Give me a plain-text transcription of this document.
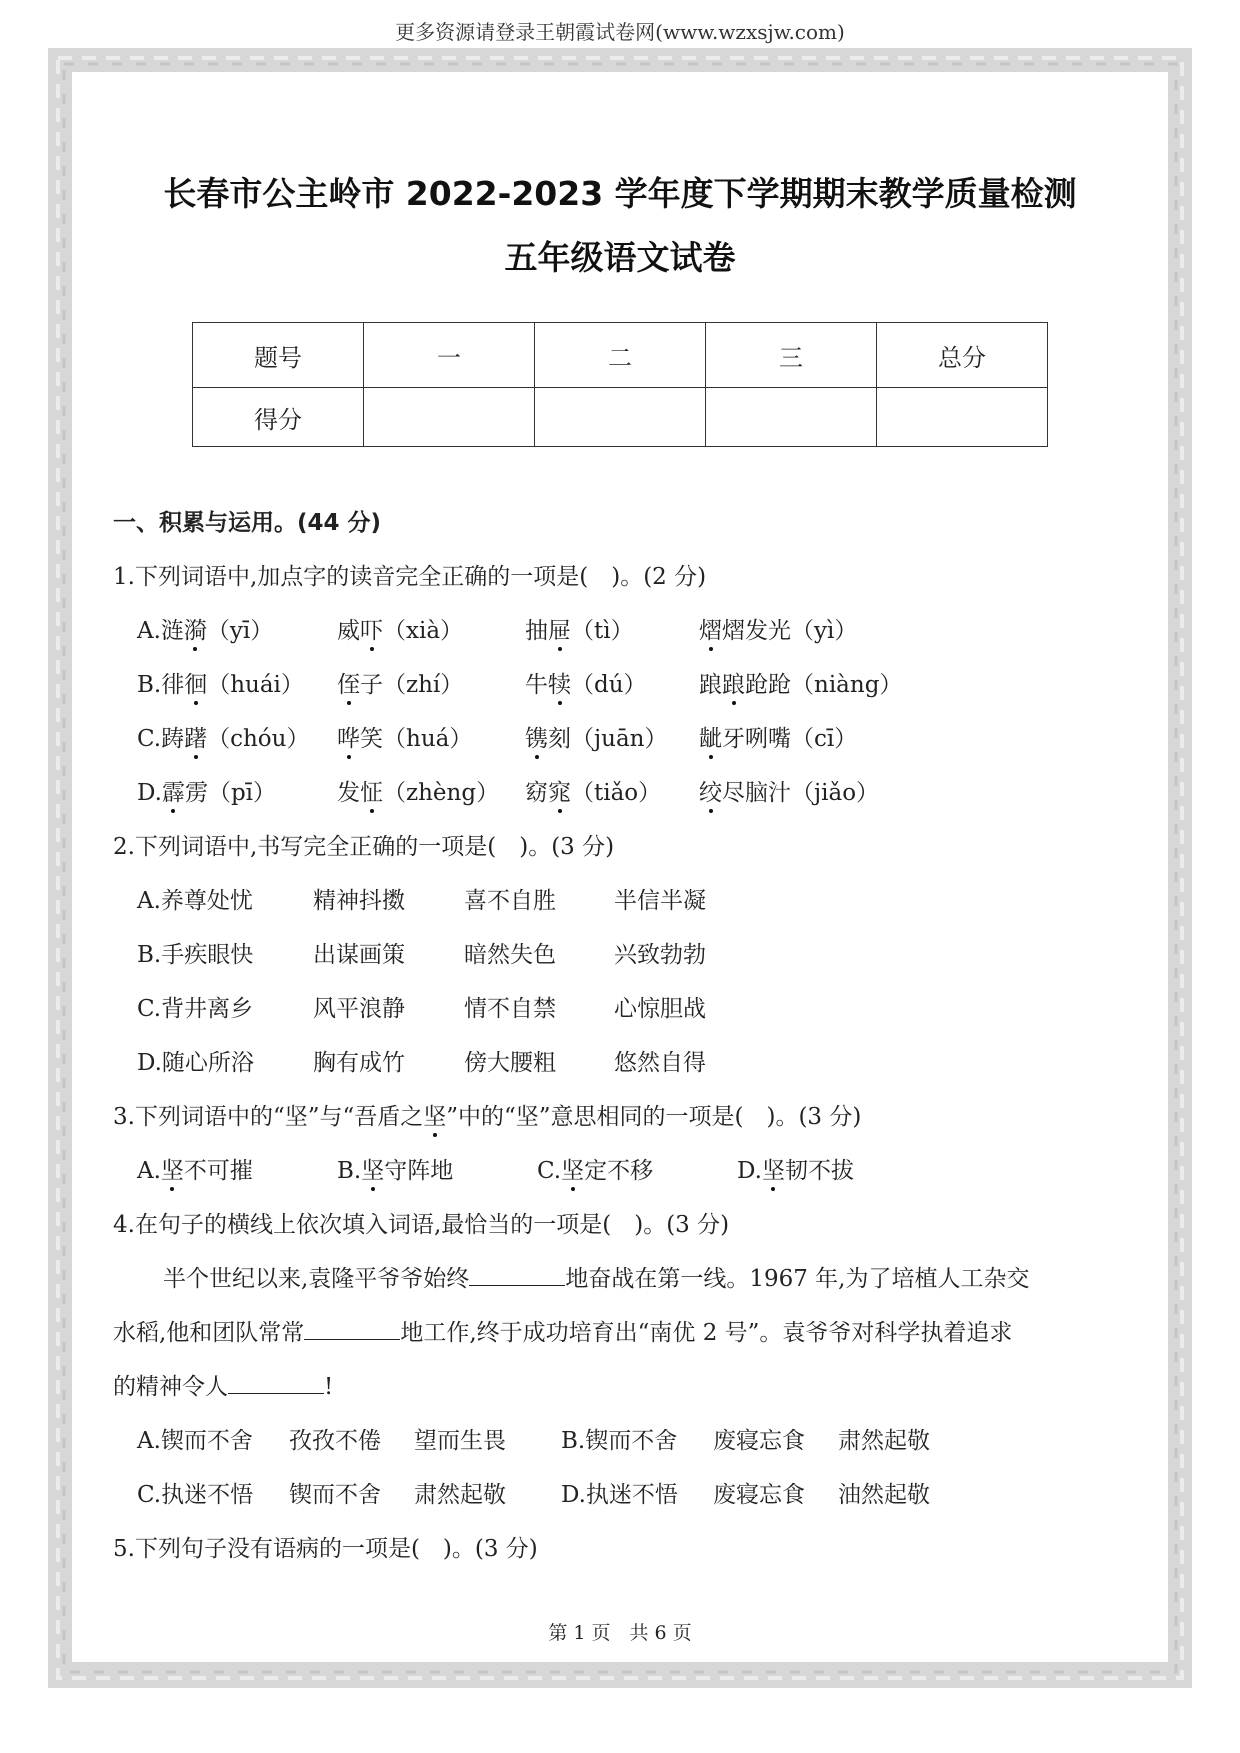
更多资源请登录王朝霞试卷网(www.wzxsjw.com)
长春市公主岭市 2022-2023 学年度下学期期末教学质量检测
五年级语文试卷
题号	一	二	三	总分
得分				
一、积累与运用。(44 分)
1.下列词语中,加点字的读音完全正确的一项是(　)。(2 分)
A.涟漪（yī）	威吓（xià）	抽屉（tì）	熠熠发光（yì）
B.徘徊（huái） 侄子（zhí）	牛犊（dú） 踉踉跄跄（niàng）
C.踌躇（chóu） 哗笑（huá） 镌刻（juān） 龇牙咧嘴（cī）
D.霹雳（pī）	发怔（zhèng） 窈窕（tiǎo） 绞尽脑汁（jiǎo）
2.下列词语中,书写完全正确的一项是(　)。(3 分)
A.养尊处忧	精神抖擞	喜不自胜	半信半凝
B.手疾眼快	出谋画策	暗然失色	兴致勃勃
C.背井离乡	风平浪静	情不自禁	心惊胆战
D.随心所浴	胸有成竹	傍大腰粗	悠然自得
3.下列词语中的“坚”与“吾盾之坚”中的“坚”意思相同的一项是(　)。(3 分)
A.坚不可摧	B.坚守阵地	C.坚定不移	D.坚韧不拔
4.在句子的横线上依次填入词语,最恰当的一项是(　)。(3 分)
半个世纪以来,袁隆平爷爷始终	地奋战在第一线。1967 年,为了培植人工杂交
水稻,他和团队常常	地工作,终于成功培育出“南优 2 号”。袁爷爷对科学执着追求
的精神令人	!
A.锲而不舍 孜孜不倦 望而生畏 B.锲而不舍 废寝忘食 肃然起敬
C.执迷不悟 锲而不舍 肃然起敬 D.执迷不悟 废寝忘食 油然起敬
5.下列句子没有语病的一项是(　)。(3 分)
第 1 页　共 6 页
